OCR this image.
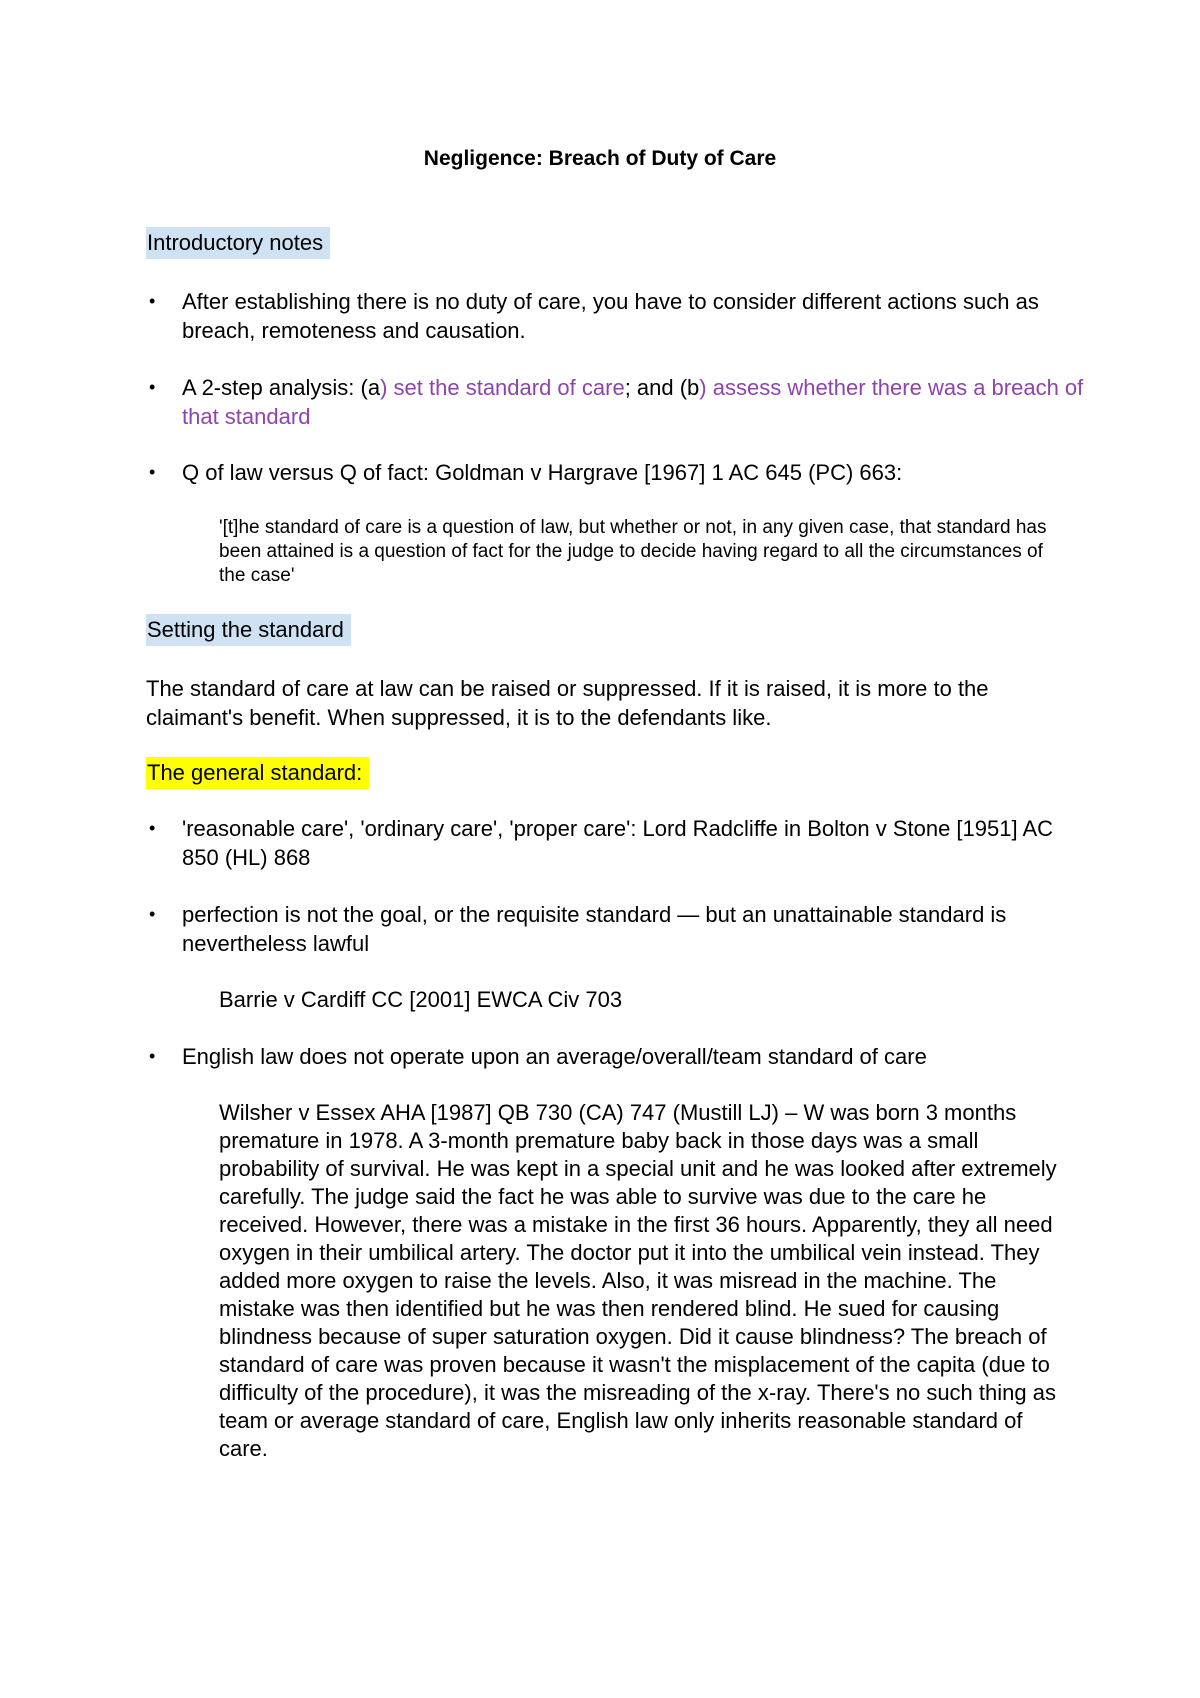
Negligence: Breach of Duty of Care
Introductory notes
• After establishing there is no duty of care, you have to consider different actions such as breach, remoteness and causation.
• A 2-step analysis: (a) set the standard of care; and (b) assess whether there was a breach of that standard
• Q of law versus Q of fact: Goldman v Hargrave [1967] 1 AC 645 (PC) 663:
'[t]he standard of care is a question of law, but whether or not, in any given case, that standard has been attained is a question of fact for the judge to decide having regard to all the circumstances of the case'
Setting the standard
The standard of care at law can be raised or suppressed. If it is raised, it is more to the claimant's benefit. When suppressed, it is to the defendants like.
The general standard:
• 'reasonable care', 'ordinary care', 'proper care': Lord Radcliffe in Bolton v Stone [1951] AC 850 (HL) 868
• perfection is not the goal, or the requisite standard — but an unattainable standard is nevertheless lawful
Barrie v Cardiff CC [2001] EWCA Civ 703
• English law does not operate upon an average/overall/team standard of care
Wilsher v Essex AHA [1987] QB 730 (CA) 747 (Mustill LJ) – W was born 3 months premature in 1978. A 3-month premature baby back in those days was a small probability of survival. He was kept in a special unit and he was looked after extremely carefully. The judge said the fact he was able to survive was due to the care he received. However, there was a mistake in the first 36 hours. Apparently, they all need oxygen in their umbilical artery. The doctor put it into the umbilical vein instead. They added more oxygen to raise the levels. Also, it was misread in the machine. The mistake was then identified but he was then rendered blind. He sued for causing blindness because of super saturation oxygen. Did it cause blindness? The breach of standard of care was proven because it wasn't the misplacement of the capita (due to difficulty of the procedure), it was the misreading of the x-ray. There's no such thing as team or average standard of care, English law only inherits reasonable standard of care.
